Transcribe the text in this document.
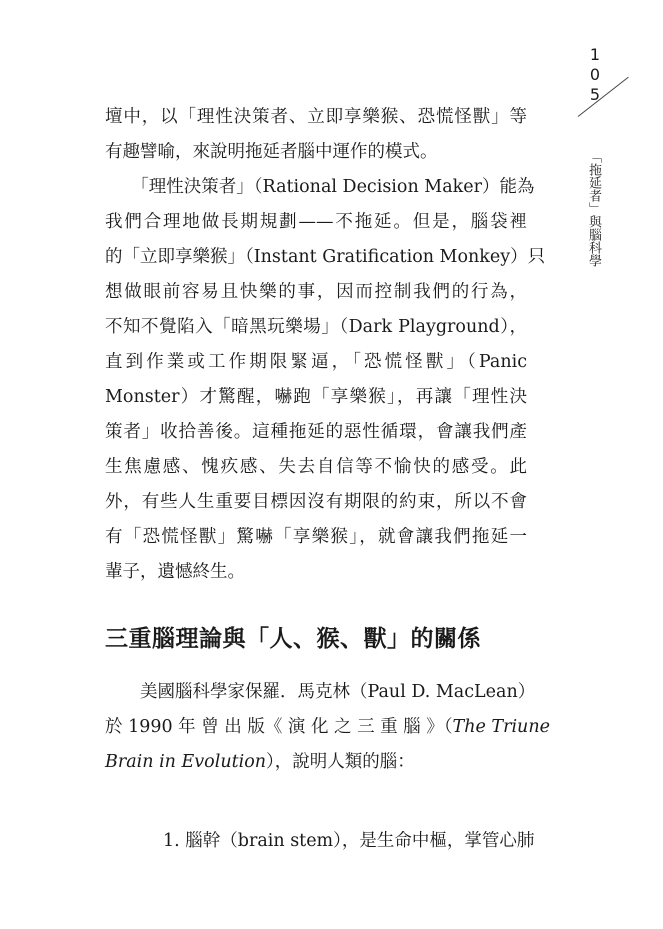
1
0
5
「拖延者」與腦科學
壇中，以「理性決策者、立即享樂猴、恐慌怪獸」等
有趣譬喻，來說明拖延者腦中運作的模式。
　　「理性決策者」（Rational Decision Maker）能為
我們合理地做長期規劃——不拖延。但是，腦袋裡
的「立即享樂猴」（Instant Gratification Monkey）只
想做眼前容易且快樂的事，因而控制我們的行為，
不知不覺陷入「暗黑玩樂場」（Dark Playground），
直到作業或工作期限緊逼，「恐慌怪獸」（Panic
Monster）才驚醒，嚇跑「享樂猴」，再讓「理性決
策者」收拾善後。這種拖延的惡性循環，會讓我們產
生焦慮感、愧疚感、失去自信等不愉快的感受。此
外，有些人生重要目標因沒有期限的約束，所以不會
有「恐慌怪獸」驚嚇「享樂猴」，就會讓我們拖延一
輩子，遺憾終生。
三重腦理論與「人、猴、獸」的關係
　　美國腦科學家保羅．馬克林（Paul D. MacLean）
於 1990 年 曾 出 版《 演 化 之 三 重 腦 》（The Triune
Brain in Evolution），說明人類的腦：

1. 腦幹（brain stem），是生命中樞，掌管心肺
